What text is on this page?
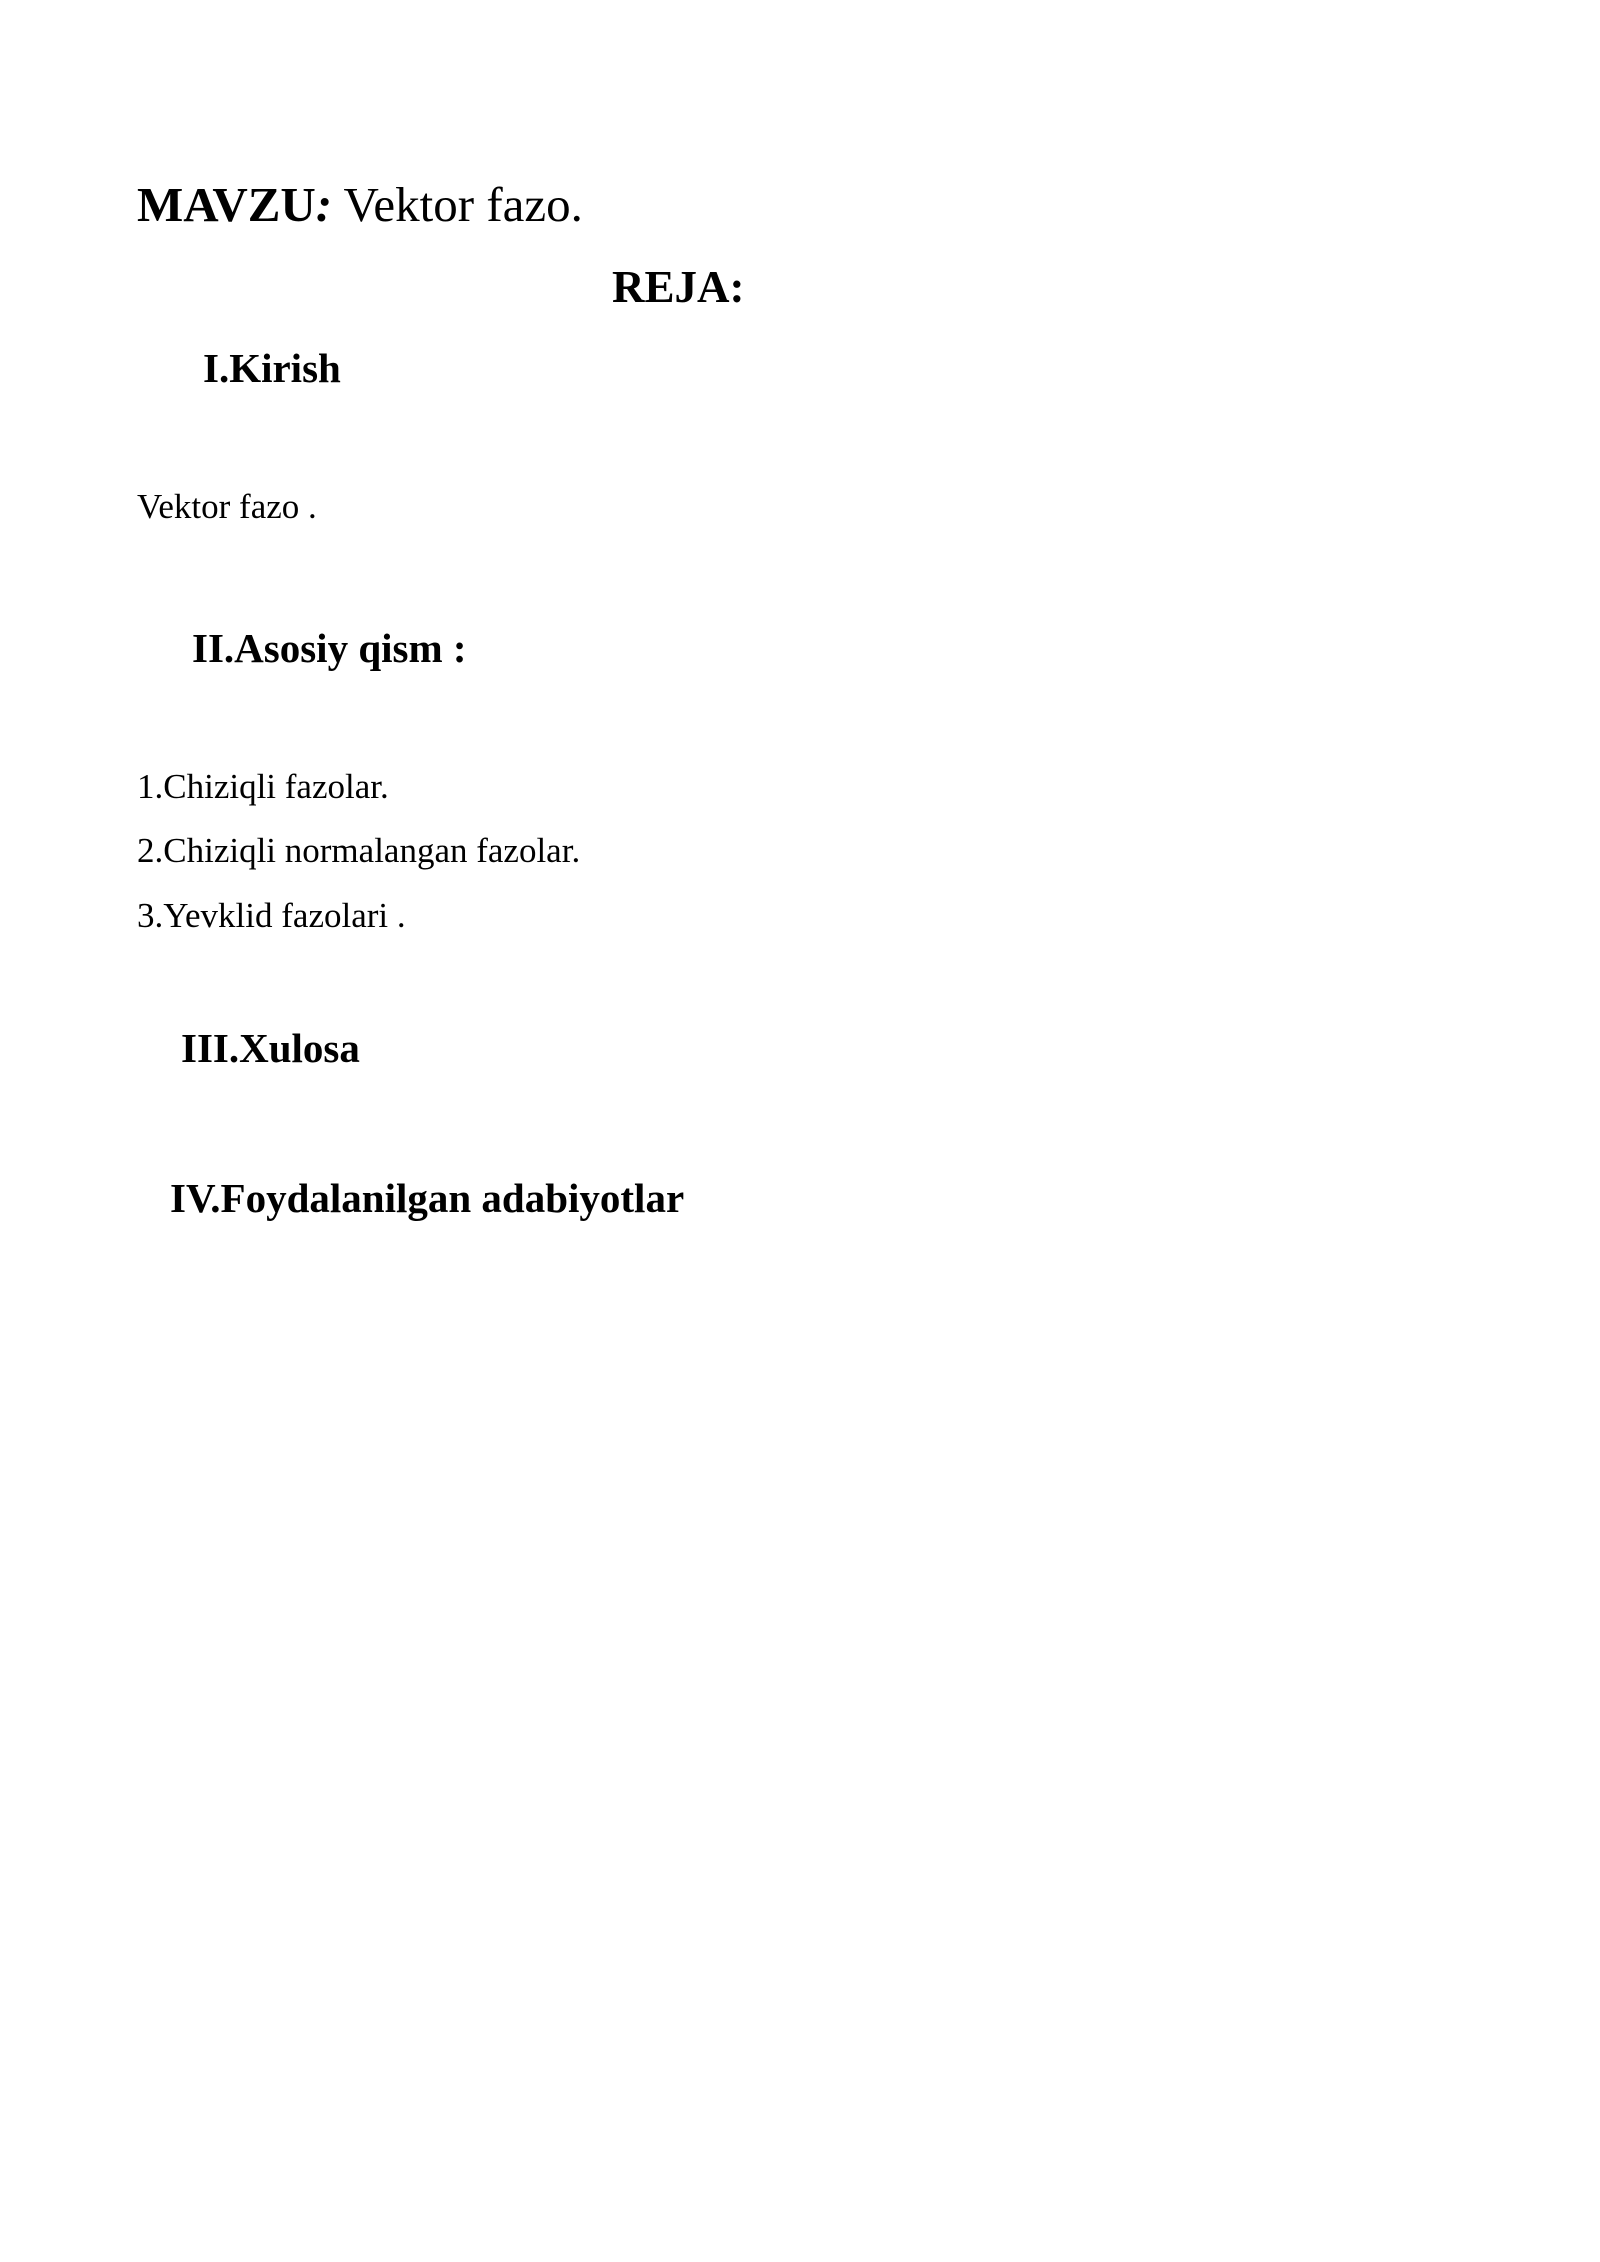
MAVZU: Vektor fazo.
REJA:
I.Kirish
Vektor fazo .
II.Asosiy qism :
1.Chiziqli fazolar.
2.Chiziqli normalangan fazolar.
3.Yevklid fazolari .
III.Xulosa
IV.Foydalanilgan adabiyotlar
